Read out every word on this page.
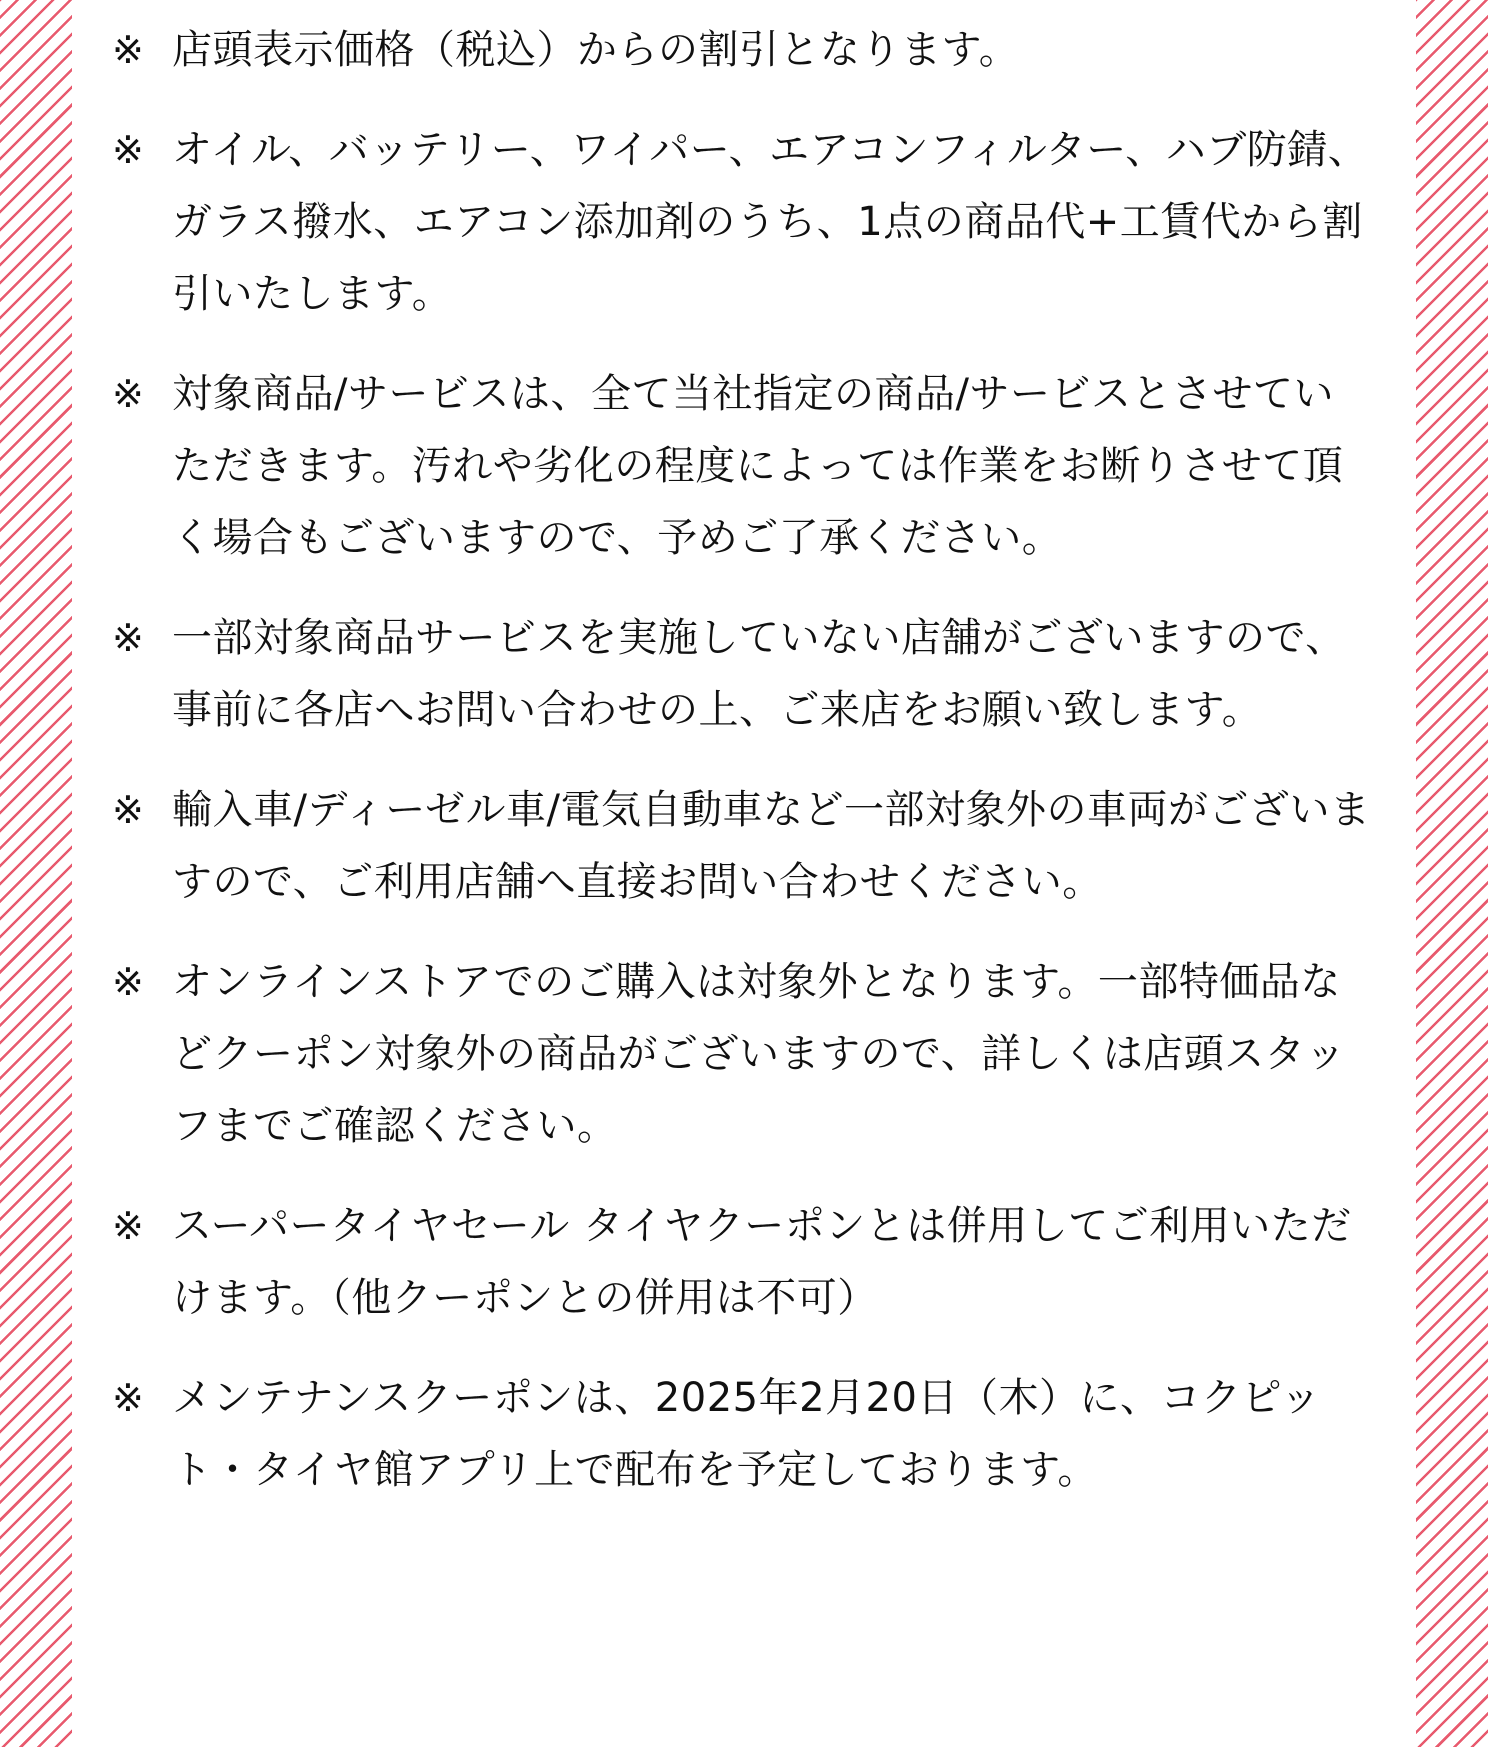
※ 店頭表示価格（税込）からの割引となります。
※ オイル、バッテリー、ワイパー、エアコンフィルター、ハブ防錆、ガラス撥水、エアコン添加剤のうち、1点の商品代+工賃代から割引いたします。
※ 対象商品/サービスは、全て当社指定の商品/サービスとさせていただきます。汚れや劣化の程度によっては作業をお断りさせて頂く場合もございますので、予めご了承ください。
※ 一部対象商品サービスを実施していない店舗がございますので、事前に各店へお問い合わせの上、ご来店をお願い致します。
※ 輸入車/ディーゼル車/電気自動車など一部対象外の車両がございますので、ご利用店舗へ直接お問い合わせください。
※ オンラインストアでのご購入は対象外となります。一部特価品などクーポン対象外の商品がございますので、詳しくは店頭スタッフまでご確認ください。
※ スーパータイヤセール タイヤクーポンとは併用してご利用いただけます。（他クーポンとの併用は不可）
※ メンテナンスクーポンは、2025年2月20日（木）に、コクピット・タイヤ館アプリ上で配布を予定しております。
